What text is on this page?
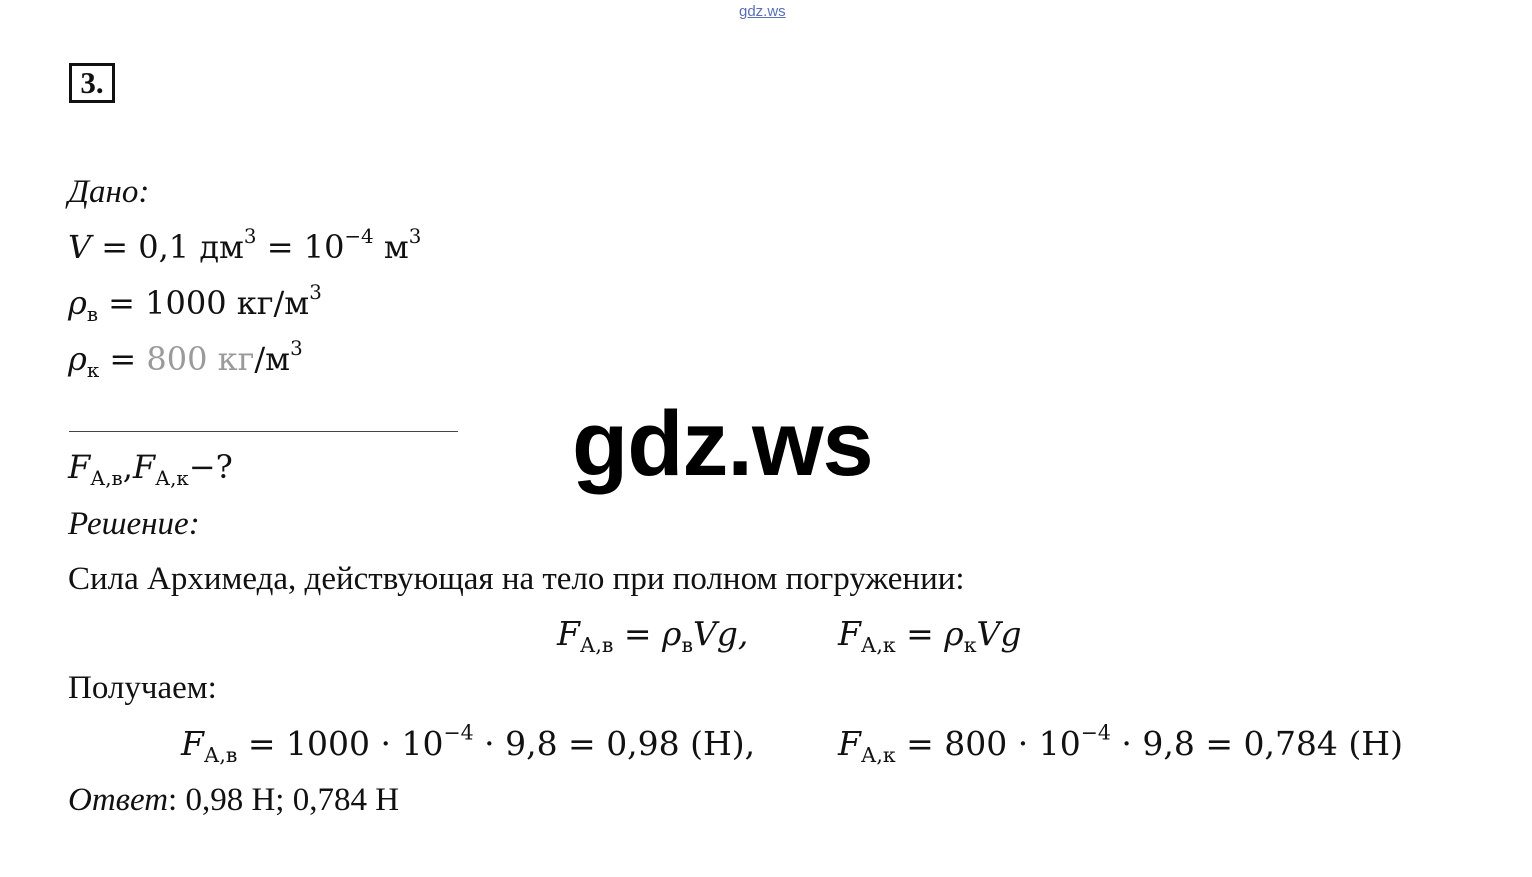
gdz.ws
3.
Дано:
V = 0,1 $дм^3 = 10^{-4}$ $м^3$
$\rho_в = 1000$ $кг/м^3$
$\rho_к = 800$ $кг/м^3$
gdz.ws
$F_{А,в},F_{А,к}-$?
Решение:
Сила Архимеда, действующая на тело при полном погружении:
$F_{А,в} = \rho_вVg$,	$F_{А,к} = \rho_кVg$
Получаем:
$F_{А,в} = 1000 \cdot 10^{-4} \cdot 9,8 = 0,98$ (Н),	$F_{А,к} = 800 \cdot 10^{-4} \cdot 9,8 = 0,784$ (Н)
Ответ: 0,98 Н; 0,784 Н
